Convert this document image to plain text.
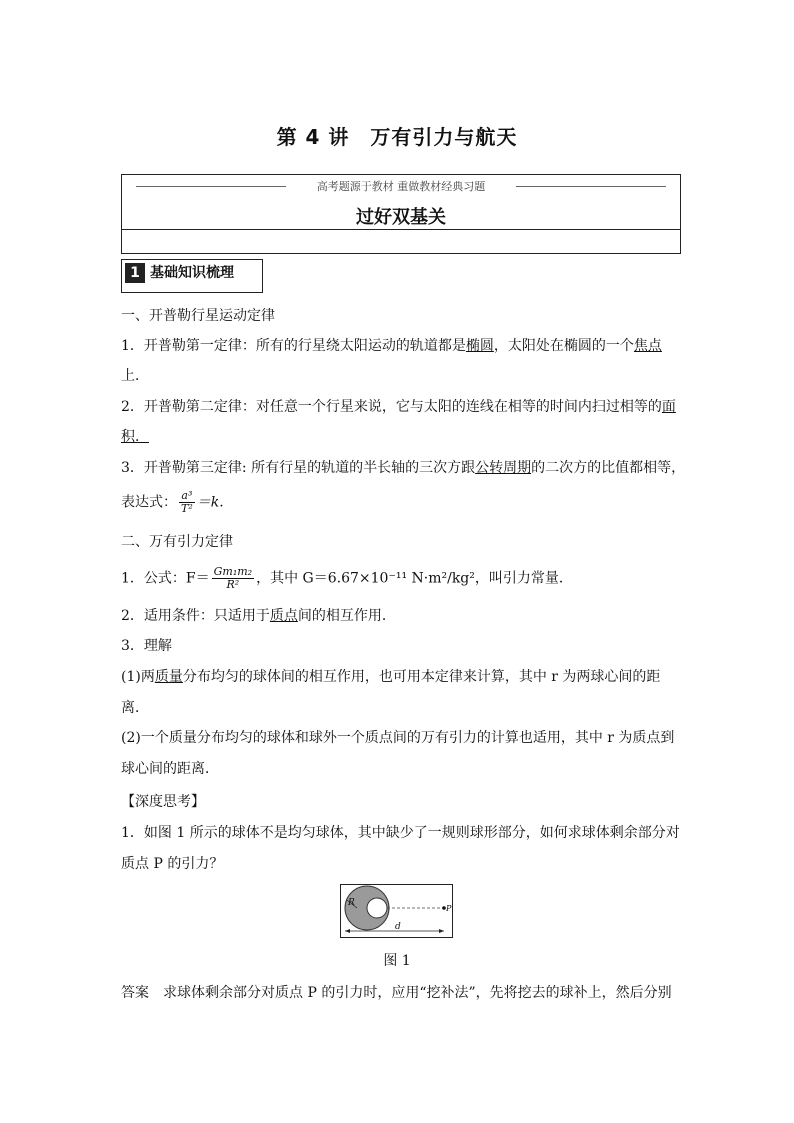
第 4 讲　万有引力与航天
高考题源于教材 重做教材经典习题
过好双基关
1 基础知识梳理
一、开普勒行星运动定律
1．开普勒第一定律：所有的行星绕太阳运动的轨道都是椭圆，太阳处在椭圆的一个焦点
上．
2．开普勒第二定律：对任意一个行星来说，它与太阳的连线在相等的时间内扫过相等的面
积．
3．开普勒第三定律: 所有行星的轨道的半长轴的三次方跟公转周期的二次方的比值都相等，
表达式： $\frac{\text{a³}}{\text{T²}} =k$.
二、万有引力定律
1．公式：$F= \frac{\text{Gm₁m₂}}{\text{R²}}$ ，其中 G＝6.67×10⁻¹¹ N·m²/kg²，叫引力常量．
2．适用条件：只适用于质点间的相互作用．
3．理解
(1)两质量分布均匀的球体间的相互作用，也可用本定律来计算，其中 r 为两球心间的距
离．
(2)一个质量分布均匀的球体和球外一个质点间的万有引力的计算也适用，其中 r 为质点到
球心间的距离．
【深度思考】
1．如图 1 所示的球体不是均匀球体，其中缺少了一规则球形部分，如何求球体剩余部分对
质点 P 的引力？
R
P
d
图 1
答案 求球体剩余部分对质点 P 的引力时，应用“挖补法”，先将挖去的球补上，然后分别
